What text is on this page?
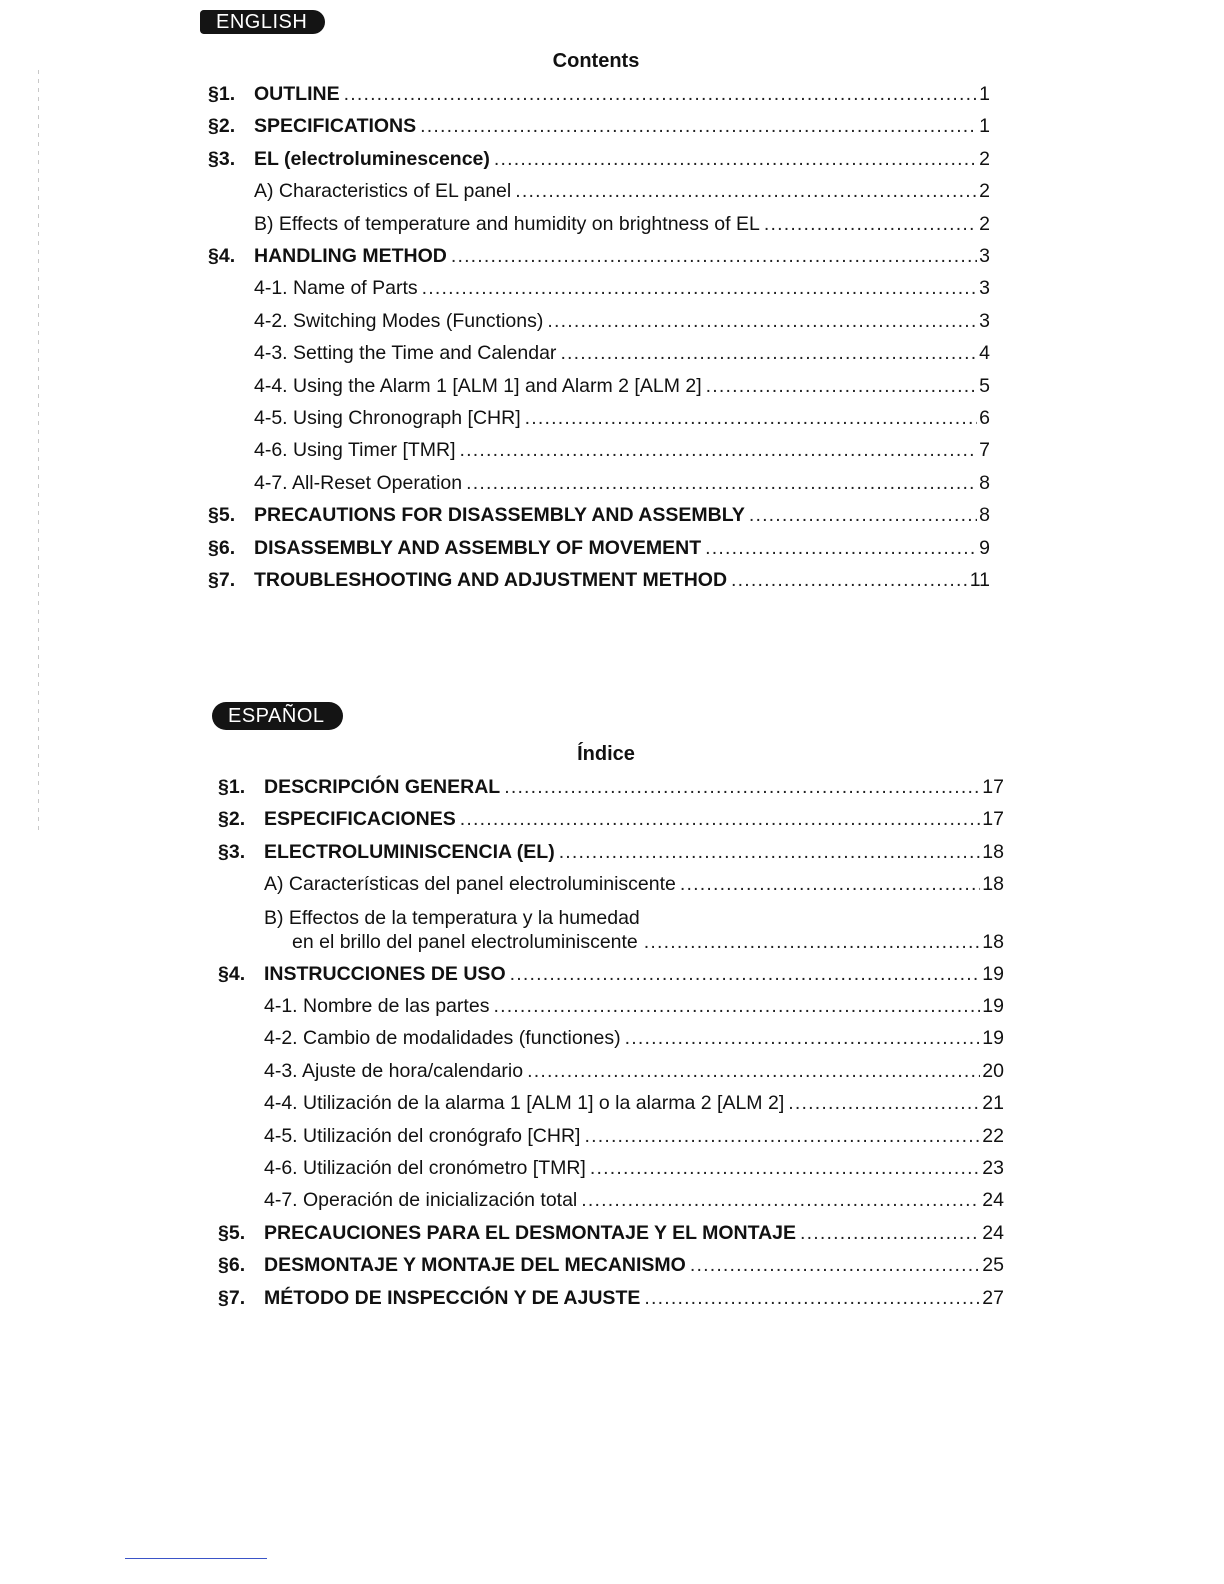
ENGLISH
Contents
§1. OUTLINE .....	1
§2. SPECIFICATIONS .....	1
§3. EL (electroluminescence) .....	2
A) Characteristics of EL panel .....	2
B) Effects of temperature and humidity on brightness of EL .....	2
§4. HANDLING METHOD .....	3
4-1. Name of Parts .....	3
4-2. Switching Modes (Functions) .....	3
4-3. Setting the Time and Calendar .....	4
4-4. Using the Alarm 1 [ALM 1] and Alarm 2 [ALM 2] .....	5
4-5. Using Chronograph [CHR] .....	6
4-6. Using Timer [TMR] .....	7
4-7. All-Reset Operation .....	8
§5. PRECAUTIONS FOR DISASSEMBLY AND ASSEMBLY .....	8
§6. DISASSEMBLY AND ASSEMBLY OF MOVEMENT .....	9
§7. TROUBLESHOOTING AND ADJUSTMENT METHOD .....	11
ESPAÑOL
Índice
§1. DESCRIPCIÓN GENERAL .....	17
§2. ESPECIFICACIONES .....	17
§3. ELECTROLUMINISCENCIA (EL) .....	18
A) Características del panel electroluminiscente .....	18
B) Effectos de la temperatura y la humedad
en el brillo del panel electroluminiscente .....	18
§4. INSTRUCCIONES DE USO .....	19
4-1. Nombre de las partes .....	19
4-2. Cambio de modalidades (functiones) .....	19
4-3. Ajuste de hora/calendario .....	20
4-4. Utilización de la alarma 1 [ALM 1] o la alarma 2 [ALM 2] .....	21
4-5. Utilización del cronógrafo [CHR] .....	22
4-6. Utilización del cronómetro [TMR] .....	23
4-7. Operación de inicialización total .....	24
§5. PRECAUCIONES PARA EL DESMONTAJE Y EL MONTAJE .....	24
§6. DESMONTAJE Y MONTAJE DEL MECANISMO .....	25
§7. MÉTODO DE INSPECCIÓN Y DE AJUSTE .....	27
